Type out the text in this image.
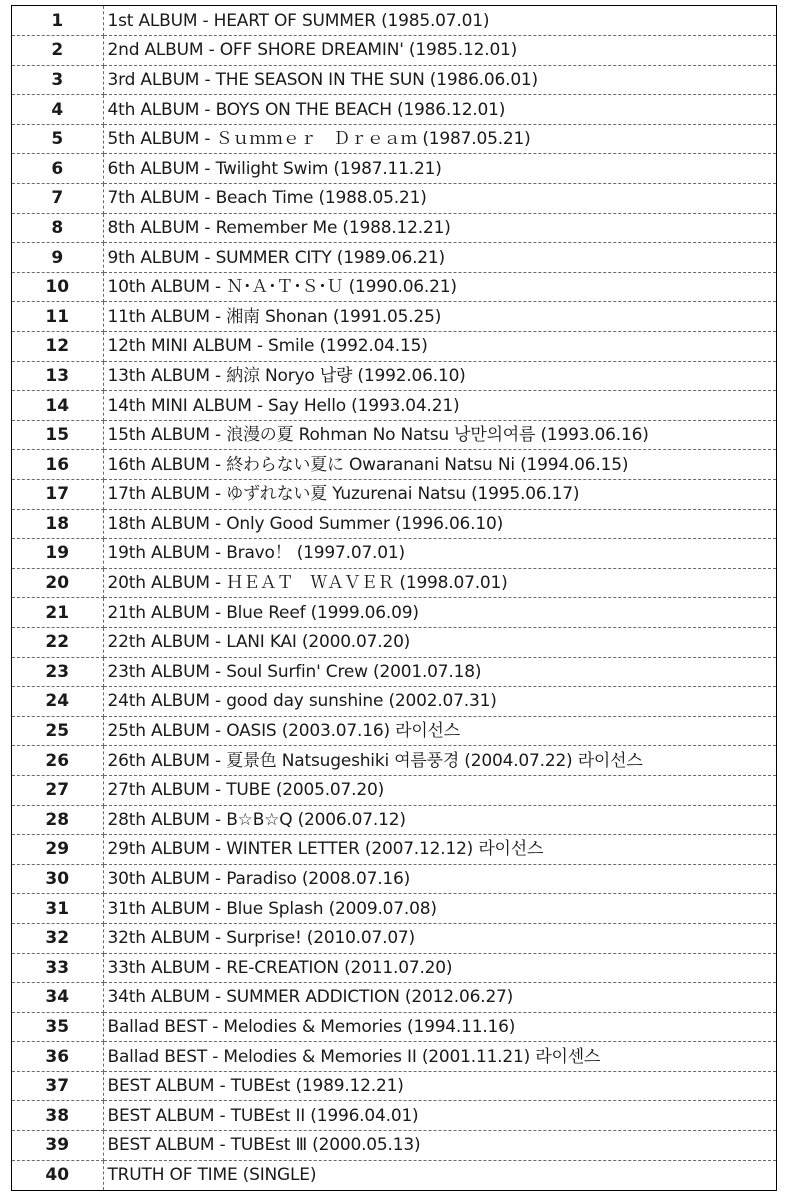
1	1st ALBUM - HEART OF SUMMER (1985.07.01)
2	2nd ALBUM - OFF SHORE DREAMIN' (1985.12.01)
3	3rd ALBUM - THE SEASON IN THE SUN (1986.06.01)
4	4th ALBUM - BOYS ON THE BEACH (1986.12.01)
5	5th ALBUM - Ｓｕｍｍｅｒ　Ｄｒｅａｍ (1987.05.21)
6	6th ALBUM - Twilight Swim (1987.11.21)
7	7th ALBUM - Beach Time (1988.05.21)
8	8th ALBUM - Remember Me (1988.12.21)
9	9th ALBUM - SUMMER CITY (1989.06.21)
10	10th ALBUM - Ｎ･Ａ･Ｔ･Ｓ･Ｕ (1990.06.21)
11	11th ALBUM - 湘南 Shonan (1991.05.25)
12	12th MINI ALBUM - Smile (1992.04.15)
13	13th ALBUM - 納涼 Noryo 납량 (1992.06.10)
14	14th MINI ALBUM - Say Hello (1993.04.21)
15	15th ALBUM - 浪漫の夏 Rohman No Natsu 낭만의여름 (1993.06.16)
16	16th ALBUM - 終わらない夏に Owaranani Natsu Ni (1994.06.15)
17	17th ALBUM - ゆずれない夏 Yuzurenai Natsu (1995.06.17)
18	18th ALBUM - Only Good Summer (1996.06.10)
19	19th ALBUM - Bravo！ (1997.07.01)
20	20th ALBUM - ＨＥＡＴ　ＷＡＶＥＲ (1998.07.01)
21	21th ALBUM - Blue Reef (1999.06.09)
22	22th ALBUM - LANI KAI (2000.07.20)
23	23th ALBUM - Soul Surfin' Crew (2001.07.18)
24	24th ALBUM - good day sunshine (2002.07.31)
25	25th ALBUM - OASIS (2003.07.16) 라이선스
26	26th ALBUM - 夏景色 Natsugeshiki 여름풍경 (2004.07.22) 라이선스
27	27th ALBUM - TUBE (2005.07.20)
28	28th ALBUM - B☆B☆Q (2006.07.12)
29	29th ALBUM - WINTER LETTER (2007.12.12) 라이선스
30	30th ALBUM - Paradiso (2008.07.16)
31	31th ALBUM - Blue Splash (2009.07.08)
32	32th ALBUM - Surprise! (2010.07.07)
33	33th ALBUM - RE-CREATION (2011.07.20)
34	34th ALBUM - SUMMER ADDICTION (2012.06.27)
35	Ballad BEST - Melodies & Memories (1994.11.16)
36	Ballad BEST - Melodies & Memories II (2001.11.21) 라이센스
37	BEST ALBUM - TUBEst (1989.12.21)
38	BEST ALBUM - TUBEst II (1996.04.01)
39	BEST ALBUM - TUBEst Ⅲ (2000.05.13)
40	TRUTH OF TIME (SINGLE)
